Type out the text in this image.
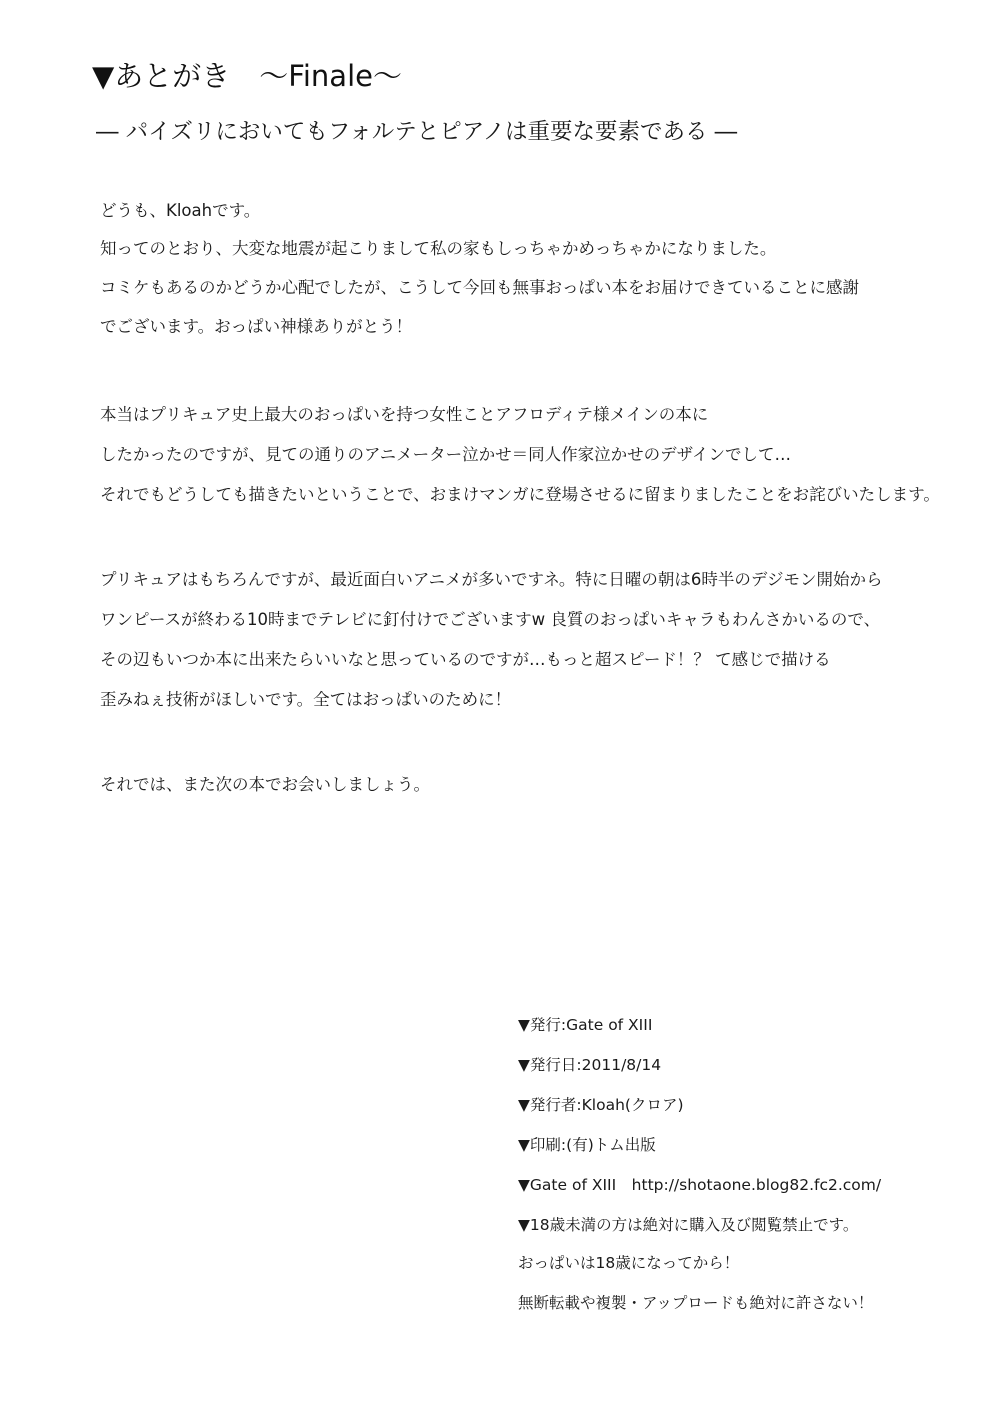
▼あとがき　～Finale～
― パイズリにおいてもフォルテとピアノは重要な要素である ―
どうも、Kloahです。
知ってのとおり、大変な地震が起こりまして私の家もしっちゃかめっちゃかになりました。
コミケもあるのかどうか心配でしたが、こうして今回も無事おっぱい本をお届けできていることに感謝
でございます。おっぱい神様ありがとう！
本当はプリキュア史上最大のおっぱいを持つ女性ことアフロディテ様メインの本に
したかったのですが、見ての通りのアニメーター泣かせ＝同人作家泣かせのデザインでして…
それでもどうしても描きたいということで、おまけマンガに登場させるに留まりましたことをお詫びいたします。
プリキュアはもちろんですが、最近面白いアニメが多いですネ。特に日曜の朝は6時半のデジモン開始から
ワンピースが終わる10時までテレビに釘付けでございますw 良質のおっぱいキャラもわんさかいるので、
その辺もいつか本に出来たらいいなと思っているのですが…もっと超スピード！？ て感じで描ける
歪みねぇ技術がほしいです。全てはおっぱいのために！
それでは、また次の本でお会いしましょう。
▼発行:Gate of XIII
▼発行日:2011/8/14
▼発行者:Kloah(クロア)
▼印刷:(有)トム出版
▼Gate of XIII　http://shotaone.blog82.fc2.com/
▼18歳未満の方は絶対に購入及び閲覧禁止です。
おっぱいは18歳になってから！
無断転載や複製・アップロードも絶対に許さない！
